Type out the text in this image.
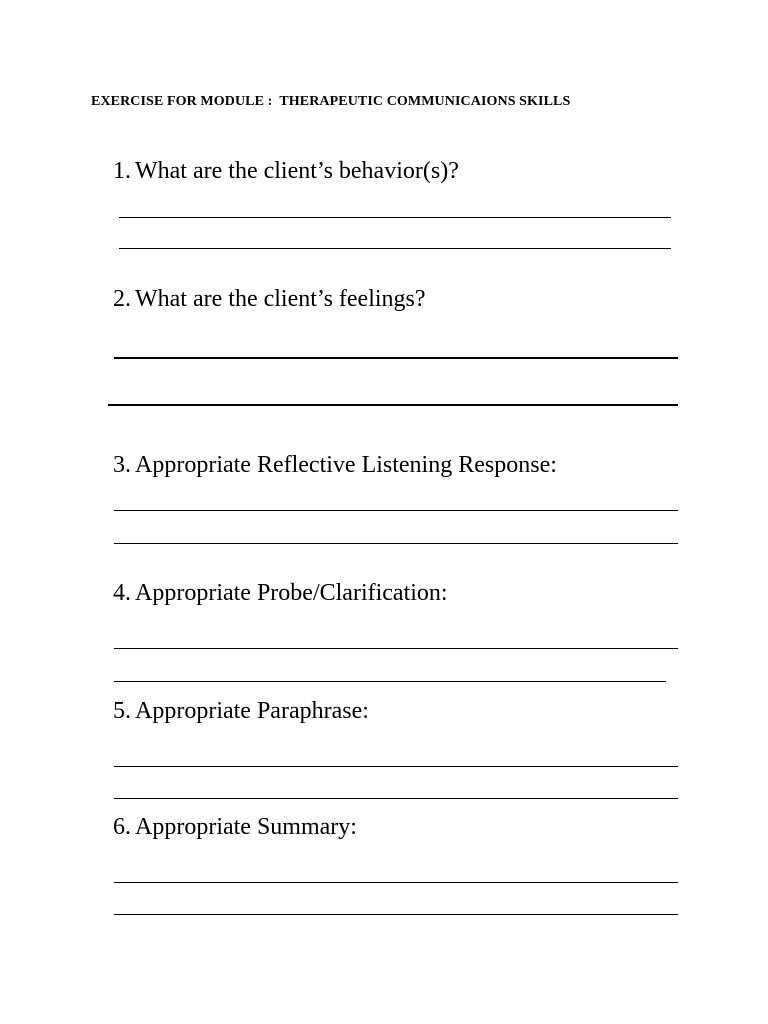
EXERCISE FOR MODULE :  THERAPEUTIC COMMUNICAIONS SKILLS
1. What are the client’s behavior(s)?
2. What are the client’s feelings?
3. Appropriate Reflective Listening Response:
4. Appropriate Probe/Clarification:
5. Appropriate Paraphrase:
6. Appropriate Summary:
